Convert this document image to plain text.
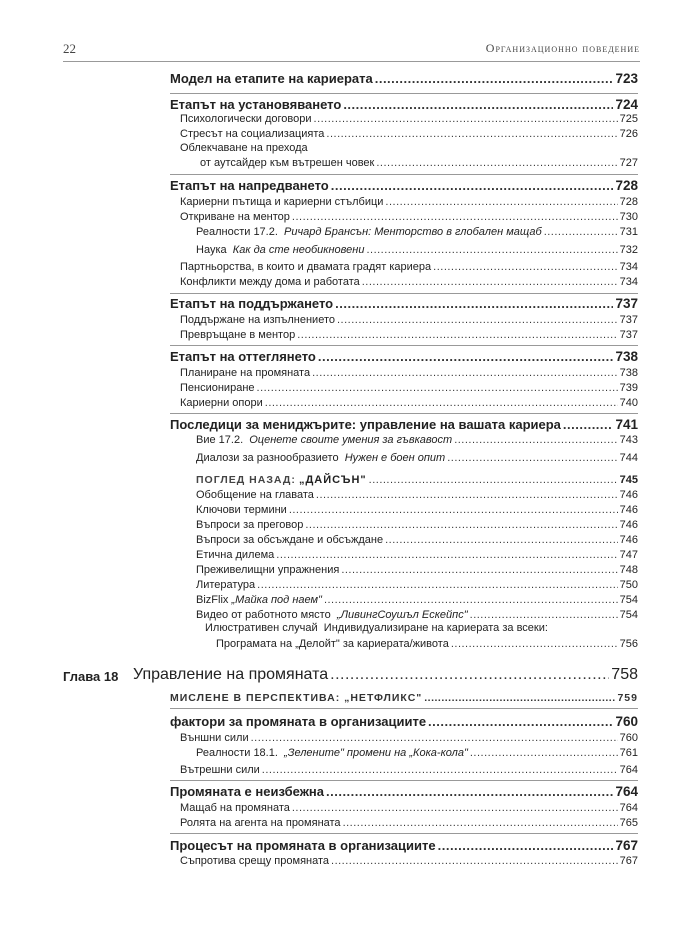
22	Организационно поведение
Модел на етапите на кариерата .....	723
Етапът на установяването .....	724
Психологически договори .....	725
Стресът на социализацията .....	726
Облекчаване на прехода
от аутсайдер към вътрешен човек .....	727
Етапът на напредването .....	728
Кариерни пътища и кариерни стълбици .....	728
Откриване на ментор .....	730
Реалности 17.2. Ричард Брансън: Менторство в глобален мащаб .....	731
Наука Как да сте необикновени .....	732
Партньорства, в които и двамата градят кариера .....	734
Конфликти между дома и работата .....	734
Етапът на поддържането .....	737
Поддържане на изпълнението .....	737
Превръщане в ментор .....	737
Етапът на оттеглянето .....	738
Планиране на промяната .....	738
Пенсиониране .....	739
Кариерни опори .....	740
Последици за мениджърите: управление на вашата кариера .....	741
Вие 17.2. Оценете своите умения за гъвкавост .....	743
Диалози за разнообразието Нужен е боен опит .....	744
ПОГЛЕД НАЗАД: „ДАЙСЪН" .....	745
Обобщение на главата .....	746
Ключови термини .....	746
Въпроси за преговор .....	746
Въпроси за обсъждане и обсъждане .....	746
Етична дилема .....	747
Преживелищни упражнения .....	748
Литература .....	750
BizFlix „Майка под наем" .....	754
Видео от работното място „ЛивингСоушъл Ескейпс" .....	754
Илюстративен случай Индивидуализиране на кариерата за всеки:
Програмата на „Делойт" за кариерата/живота .....	756
Глава 18 Управление на промяната .....	758
МИСЛЕНЕ В ПЕРСПЕКТИВА: „НЕТФЛИКС" .....	759
фактори за промяната в организациите .....	760
Външни сили .....	760
Реалности 18.1. „Зелените" промени на „Кока-кола" .....	761
Вътрешни сили .....	764
Промяната е неизбежна .....	764
Мащаб на промяната .....	764
Ролята на агента на промяната .....	765
Процесът на промяната в организациите .....	767
Съпротива срещу промяната .....	767
